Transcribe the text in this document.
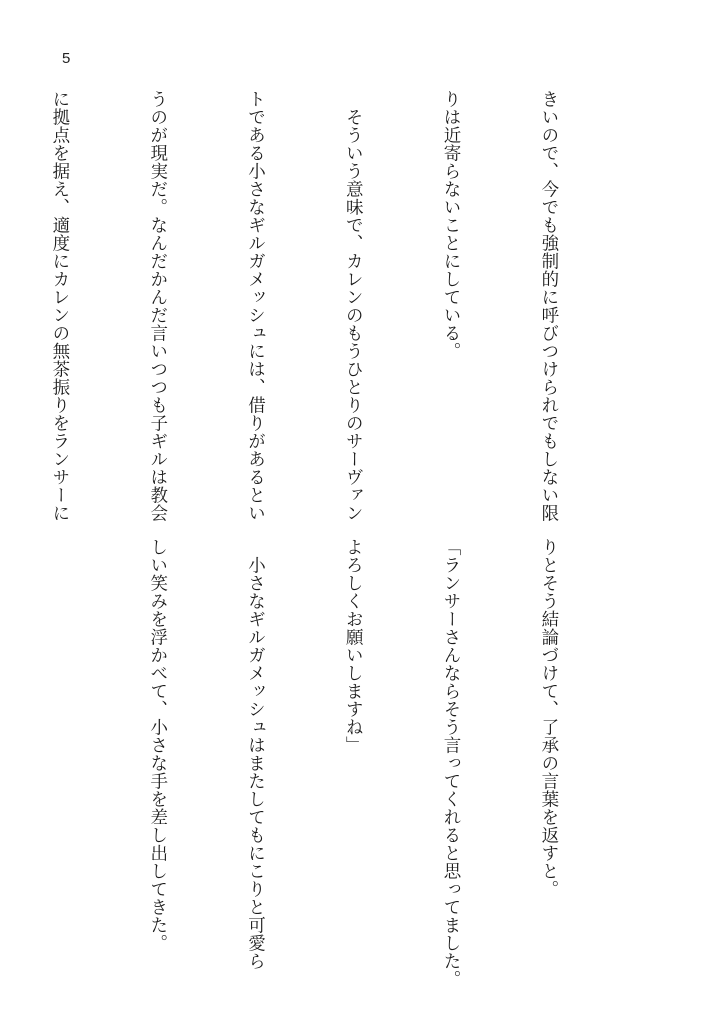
5

きいので、今でも強制的に呼びつけられでもしない限

りは近寄らないことにしている。

　そういう意味で、カレンのもうひとりのサーヴァン

トである小さなギルガメッシュには、借りがあるとい

うのが現実だ。なんだかんだ言いつつも子ギルは教会

に拠点を据え、適度にカレンの無茶振りをランサーに

りとそう結論づけて、了承の言葉を返すと。

「ランサーさんならそう言ってくれると思ってました。

よろしくお願いしますね」

　小さなギルガメッシュはまたしてもにこりと可愛ら

しい笑みを浮かべて、小さな手を差し出してきた。
